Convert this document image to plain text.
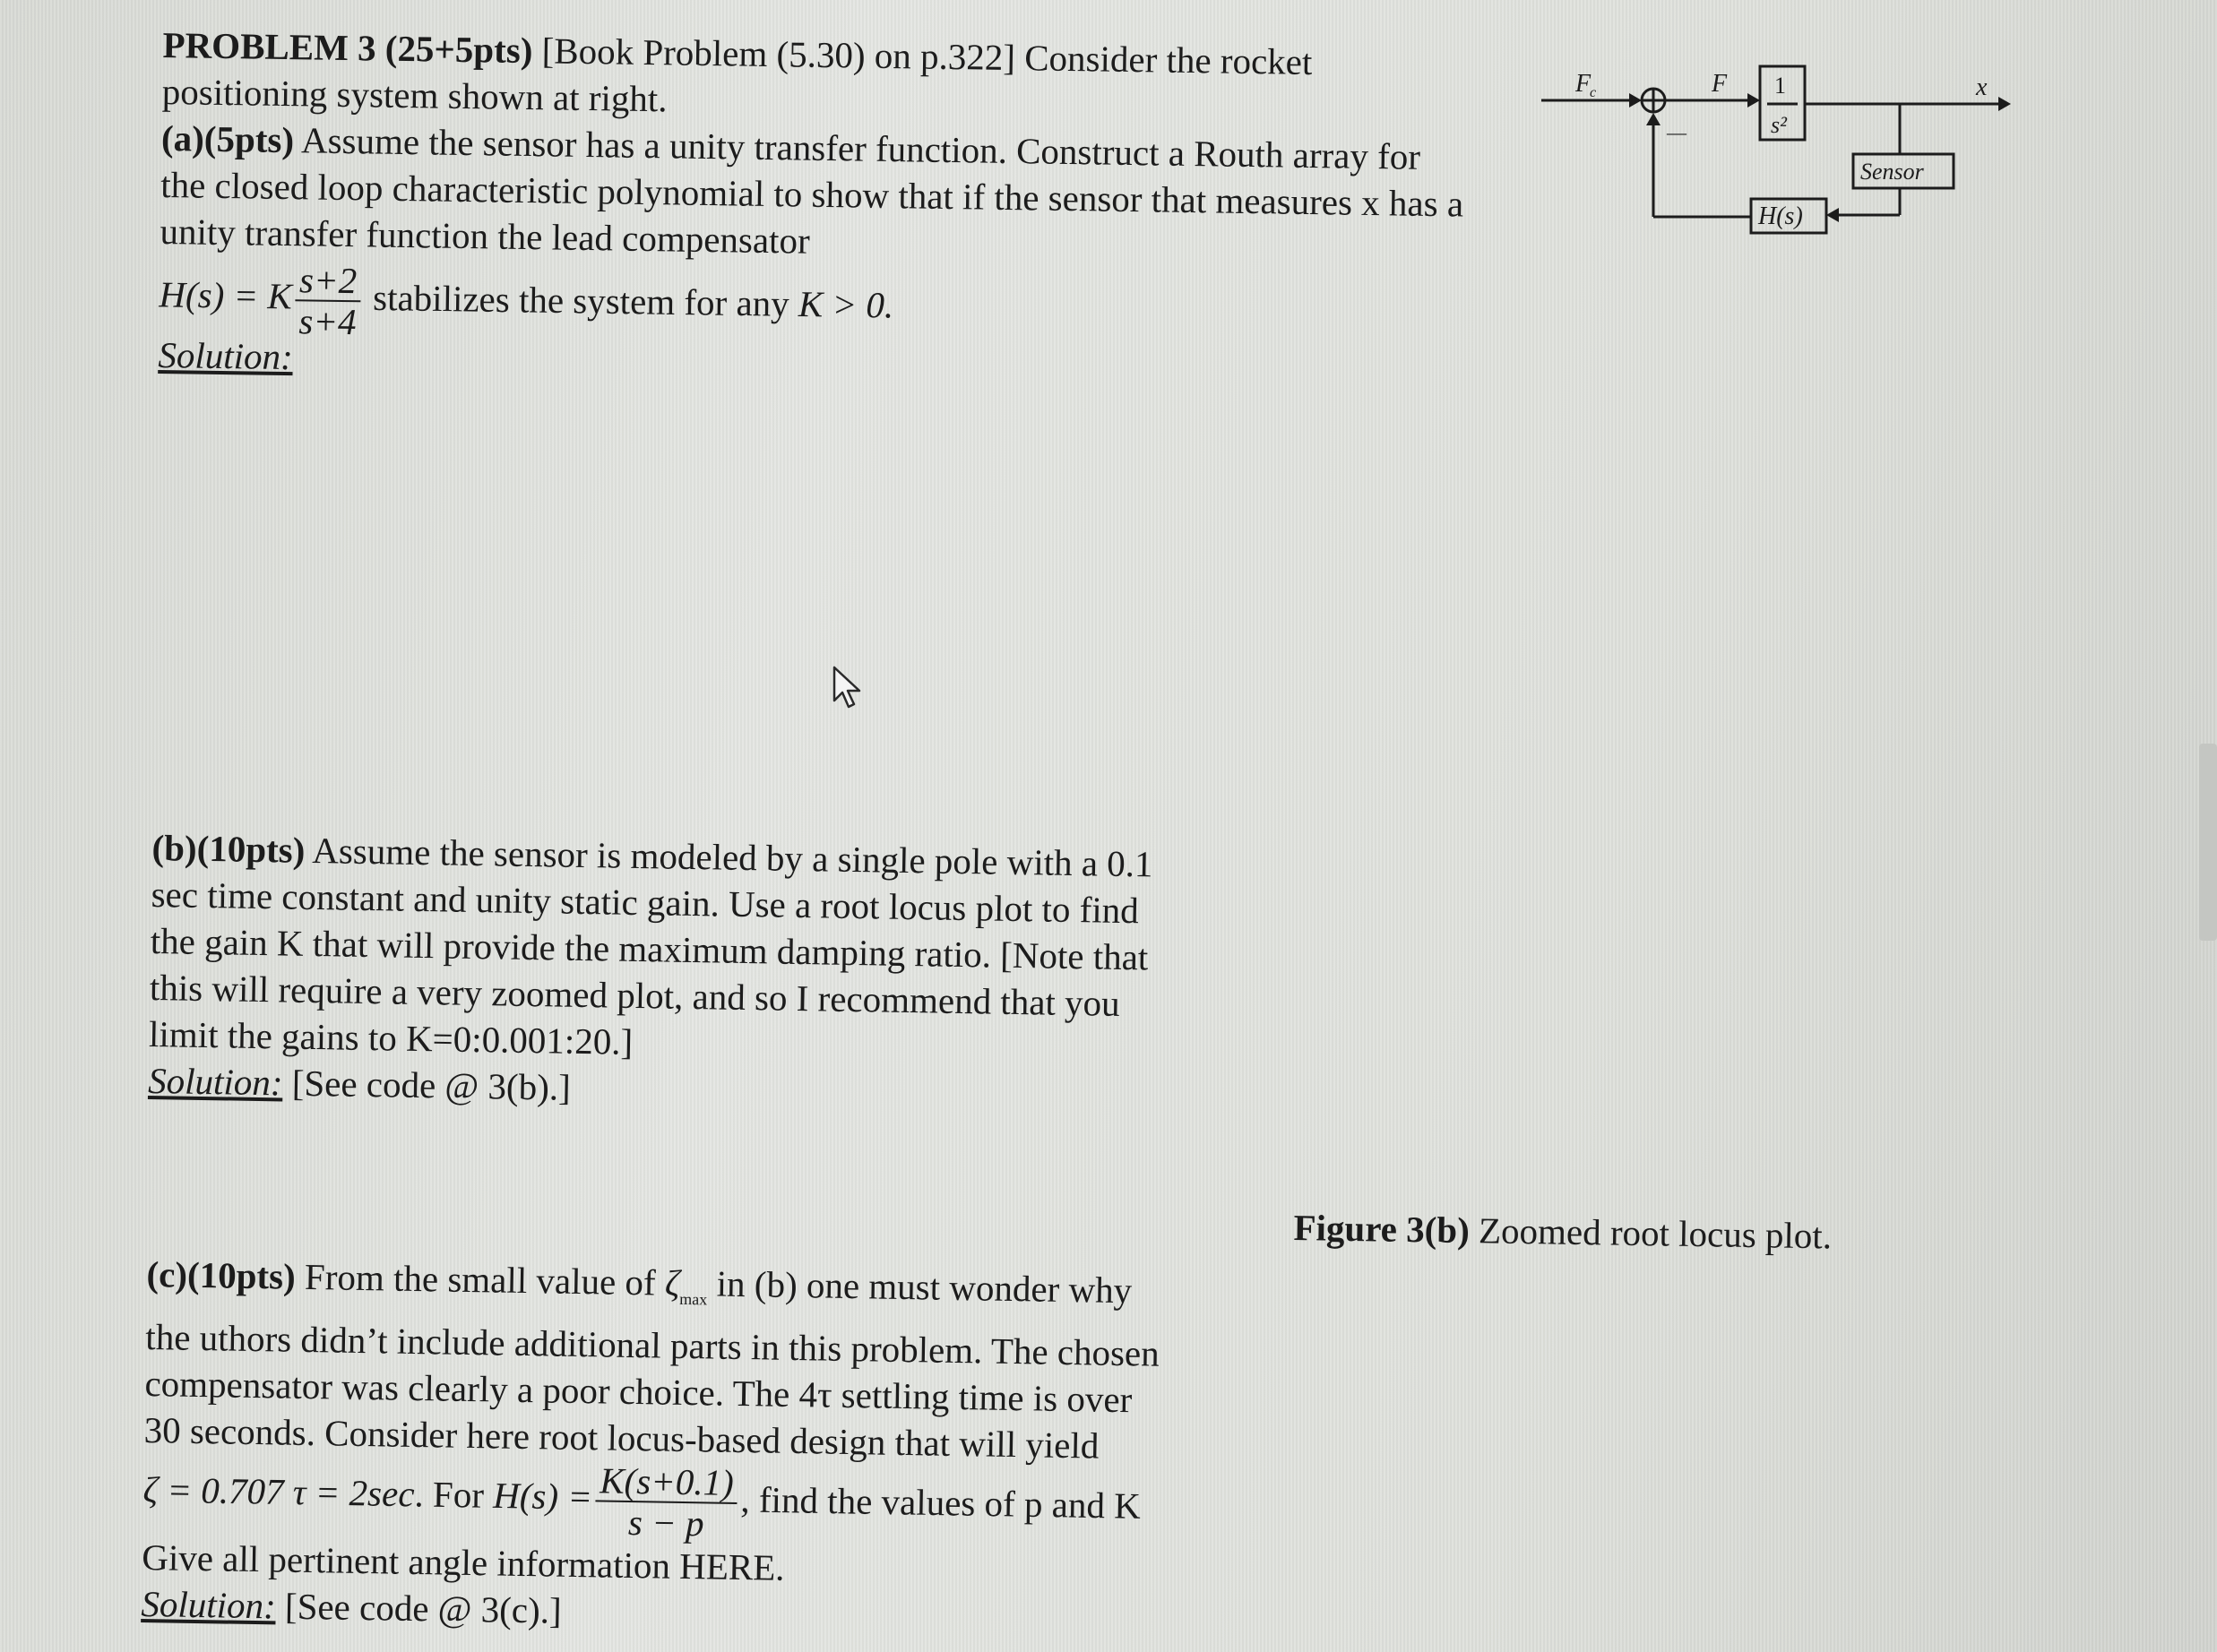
PROBLEM 3 (25+5pts) [Book Problem (5.30) on p.322] Consider the rocket

positioning system shown at right.

(a)(5pts) Assume the sensor has a unity transfer function. Construct a Routh array for

the closed loop characteristic polynomial to show that if the sensor that measures x has a

unity transfer function the lead compensator

H(s) = K $\frac{s+2}{s+4}$ stabilizes the system for any K > 0.

Solution:

(b)(10pts) Assume the sensor is modeled by a single pole with a 0.1

sec time constant and unity static gain. Use a root locus plot to find

the gain K that will provide the maximum damping ratio. [Note that

this will require a very zoomed plot, and so I recommend that you

limit the gains to K=0:0.001:20.]

Solution: [See code @ 3(b).]

Figure 3(b) Zoomed root locus plot.

(c)(10pts) From the small value of $\zeta_{max}$ in (b) one must wonder why

the uthors didn’t include additional parts in this problem. The chosen

compensator was clearly a poor choice. The 4τ settling time is over

30 seconds. Consider here root locus-based design that will yield

ζ = 0.707 τ = 2sec. For $H(s) = \frac{K(s+0.1)}{s - p}$ , find the values of p and K

Give all pertinent angle information HERE.

Solution: [See code @ 3(c).]

F
c
—
F 1
s²
x
Sensor
H(s)
